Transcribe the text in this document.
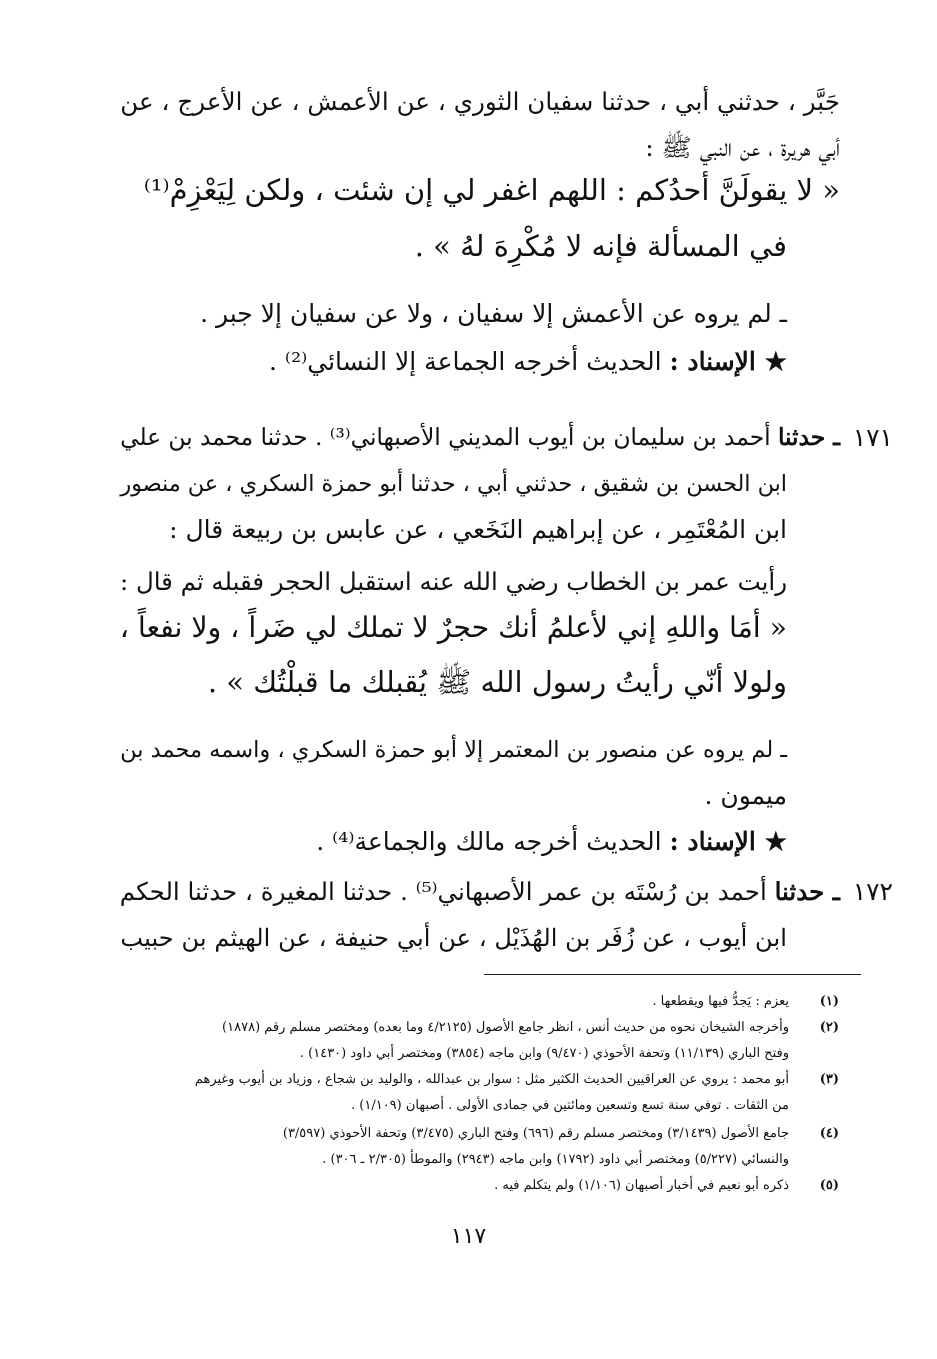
جَبَّر ، حدثني أبي ، حدثنا سفيان الثوري ، عن الأعمش ، عن الأعرج ، عن
أبي هريرة ، عن النبي ﷺ :
« لا يقولَنَّ أحدُكم : اللهم اغفر لي إن شئت ، ولكن لِيَعْزِمْ⁽¹⁾
في المسألة فإنه لا مُكْرِهَ لهُ » .
ـ لم يروه عن الأعمش إلا سفيان ، ولا عن سفيان إلا جبر .
★ الإسناد : الحديث أخرجه الجماعة إلا النسائي⁽²⁾ .
١٧١
ـ حدثنا أحمد بن سليمان بن أيوب المديني الأصبهاني⁽³⁾ . حدثنا محمد بن علي
ابن الحسن بن شقيق ، حدثني أبي ، حدثنا أبو حمزة السكري ، عن منصور
ابن المُعْتَمِر ، عن إبراهيم النَخَعي ، عن عابس بن ربيعة قال :
رأيت عمر بن الخطاب رضي الله عنه استقبل الحجر فقبله ثم قال :
« أمَا واللهِ إني لأعلمُ أنك حجرٌ لا تملك لي ضَراً ، ولا نفعاً ،
ولولا أنّي رأيتُ رسول الله ﷺ يُقبلك ما قبلْتُك » .
ـ لم يروه عن منصور بن المعتمر إلا أبو حمزة السكري ، واسمه محمد بن
ميمون .
★ الإسناد : الحديث أخرجه مالك والجماعة⁽⁴⁾ .
١٧٢
ـ حدثنا أحمد بن رُسْتَه بن عمر الأصبهاني⁽⁵⁾ . حدثنا المغيرة ، حدثنا الحكم
ابن أيوب ، عن زُفَر بن الهُذَيْل ، عن أبي حنيفة ، عن الهيثم بن حبيب
(١)
يعزم : يَجدُّ فيها ويقطعها .
(٢)
وأخرجه الشيخان نحوه من حديث أنس ، انظر جامع الأصول (٤/٢١٢٥ وما بعده) ومختصر مسلم رقم (١٨٧٨)
وفتح الباري (١١/١٣٩) وتحفة الأحوذي (٩/٤٧٠) وابن ماجه (٣٨٥٤) ومختصر أبي داود (١٤٣٠) .
(٣)
أبو محمد : يروي عن العراقيين الحديث الكثير مثل : سوار بن عبدالله ، والوليد بن شجاع ، وزياد بن أيوب وغيرهم
من الثقات . توفي سنة تسع وتسعين ومائتين في جمادى الأولى . أصبهان (١/١٠٩) .
(٤)
جامع الأصول (٣/١٤٣٩) ومختصر مسلم رقم (٦٩٦) وفتح الباري (٣/٤٧٥) وتحفة الأحوذي (٣/٥٩٧)
والنسائي (٥/٢٢٧) ومختصر أبي داود (١٧٩٢) وابن ماجه (٢٩٤٣) والموطأ (٢/٣٠٥ ـ ٣٠٦) .
(٥)
ذكره أبو نعيم في أخبار أصبهان (١/١٠٦) ولم يتكلم فيه .
١١٧
